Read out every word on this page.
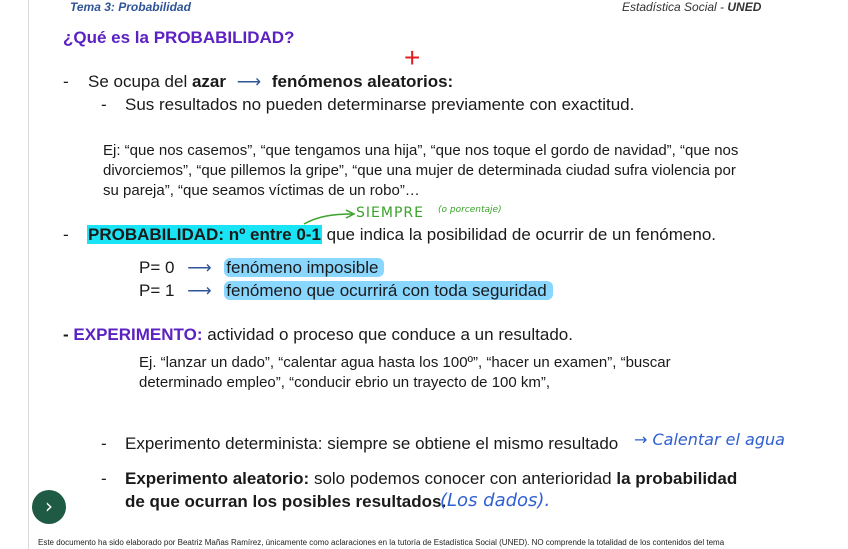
Tema 3: Probabilidad	Estadística Social - UNED
¿Qué es la PROBABILIDAD?
+
- Se ocupa del azar ⟶ fenómenos aleatorios:
- Sus resultados no pueden determinarse previamente con exactitud.
Ej: “que nos casemos”, “que tengamos una hija”, “que nos toque el gordo de navidad”, “que nos
divorciemos”, “que pillemos la gripe”, “que una mujer de determinada ciudad sufra violencia por
su pareja”, “que seamos víctimas de un robo”…
SIEMPRE (o porcentaje)
- PROBABILIDAD: nº entre 0-1 que indica la posibilidad de ocurrir de un fenómeno.
P= 0 ⟶ fenómeno imposible
P= 1 ⟶ fenómeno que ocurrirá con toda seguridad
- EXPERIMENTO: actividad o proceso que conduce a un resultado.
Ej. “lanzar un dado”, “calentar agua hasta los 100º”, “hacer un examen”, “buscar
determinado empleo”, “conducir ebrio un trayecto de 100 km”,
- Experimento determinista: siempre se obtiene el mismo resultado → Calentar el agua
- Experimento aleatorio: solo podemos conocer con anterioridad la probabilidad
de que ocurran los posibles resultados.
(Los dados).
›
Este documento ha sido elaborado por Beatriz Mañas Ramírez, únicamente como aclaraciones en la tutoría de Estadística Social (UNED). NO comprende la totalidad de los contenidos del tema
